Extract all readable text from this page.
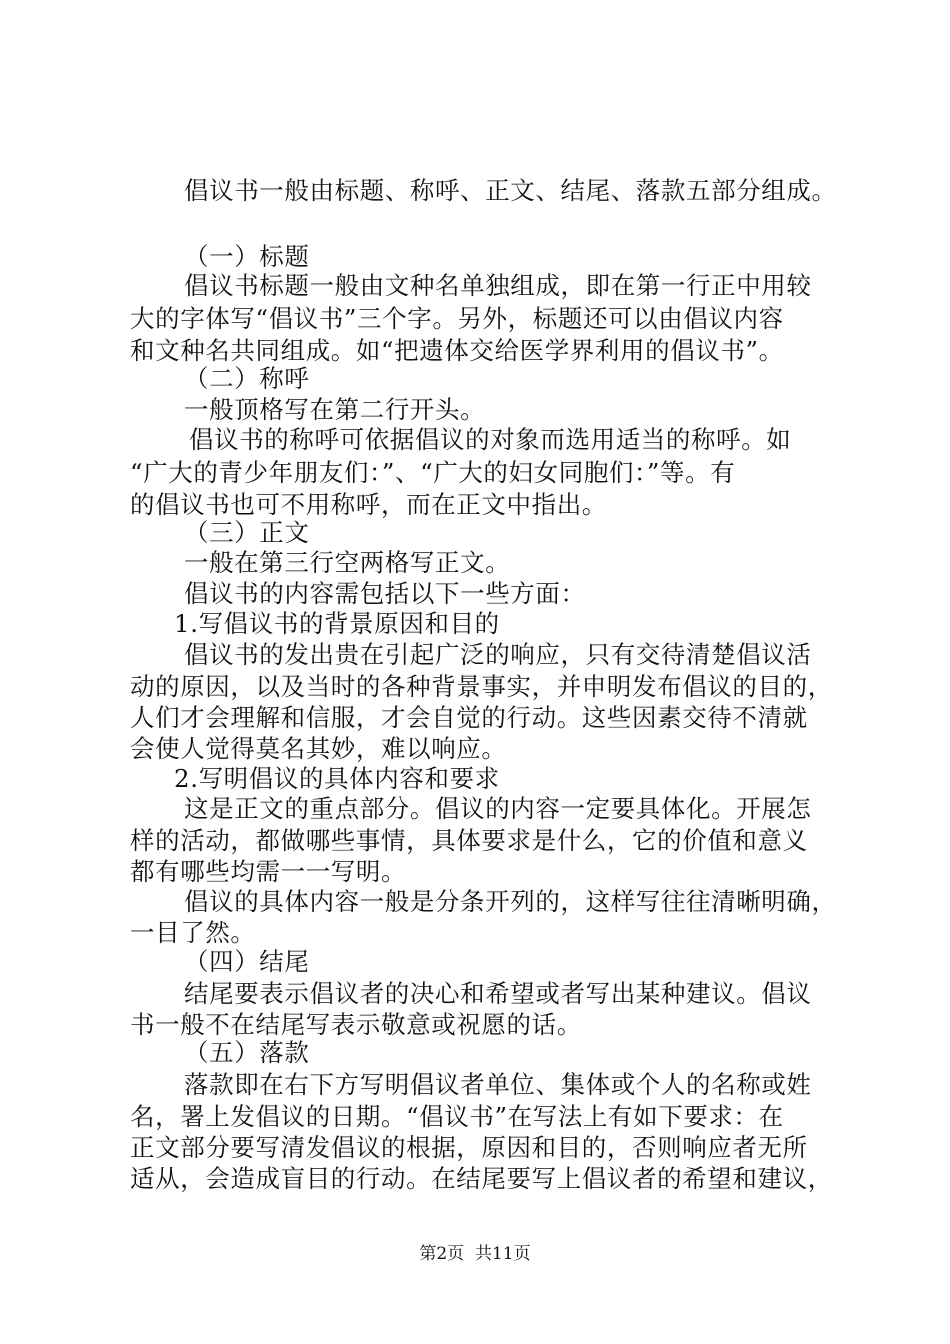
倡议书一般由标题、称呼、正文、结尾、落款五部分组成。

（一）标题

倡议书标题一般由文种名单独组成，即在第一行正中用较

大的字体写“倡议书”三个字。另外，标题还可以由倡议内容

和文种名共同组成。如“把遗体交给医学界利用的倡议书”。

（二）称呼

一般顶格写在第二行开头。

倡议书的称呼可依据倡议的对象而选用适当的称呼。如

“广大的青少年朋友们：”、“广大的妇女同胞们：”等。有

的倡议书也可不用称呼，而在正文中指出。

（三）正文

一般在第三行空两格写正文。

倡议书的内容需包括以下一些方面：

1.写倡议书的背景原因和目的

倡议书的发出贵在引起广泛的响应，只有交待清楚倡议活

动的原因，以及当时的各种背景事实，并申明发布倡议的目的，

人们才会理解和信服，才会自觉的行动。这些因素交待不清就

会使人觉得莫名其妙，难以响应。

2.写明倡议的具体内容和要求

这是正文的重点部分。倡议的内容一定要具体化。开展怎

样的活动，都做哪些事情，具体要求是什么，它的价值和意义

都有哪些均需一一写明。

倡议的具体内容一般是分条开列的，这样写往往清晰明确，

一目了然。

（四）结尾

结尾要表示倡议者的决心和希望或者写出某种建议。倡议

书一般不在结尾写表示敬意或祝愿的话。

（五）落款

落款即在右下方写明倡议者单位、集体或个人的名称或姓

名，署上发倡议的日期。“倡议书”在写法上有如下要求：在

正文部分要写清发倡议的根据，原因和目的，否则响应者无所

适从，会造成盲目的行动。在结尾要写上倡议者的希望和建议，

第2页  共11页
